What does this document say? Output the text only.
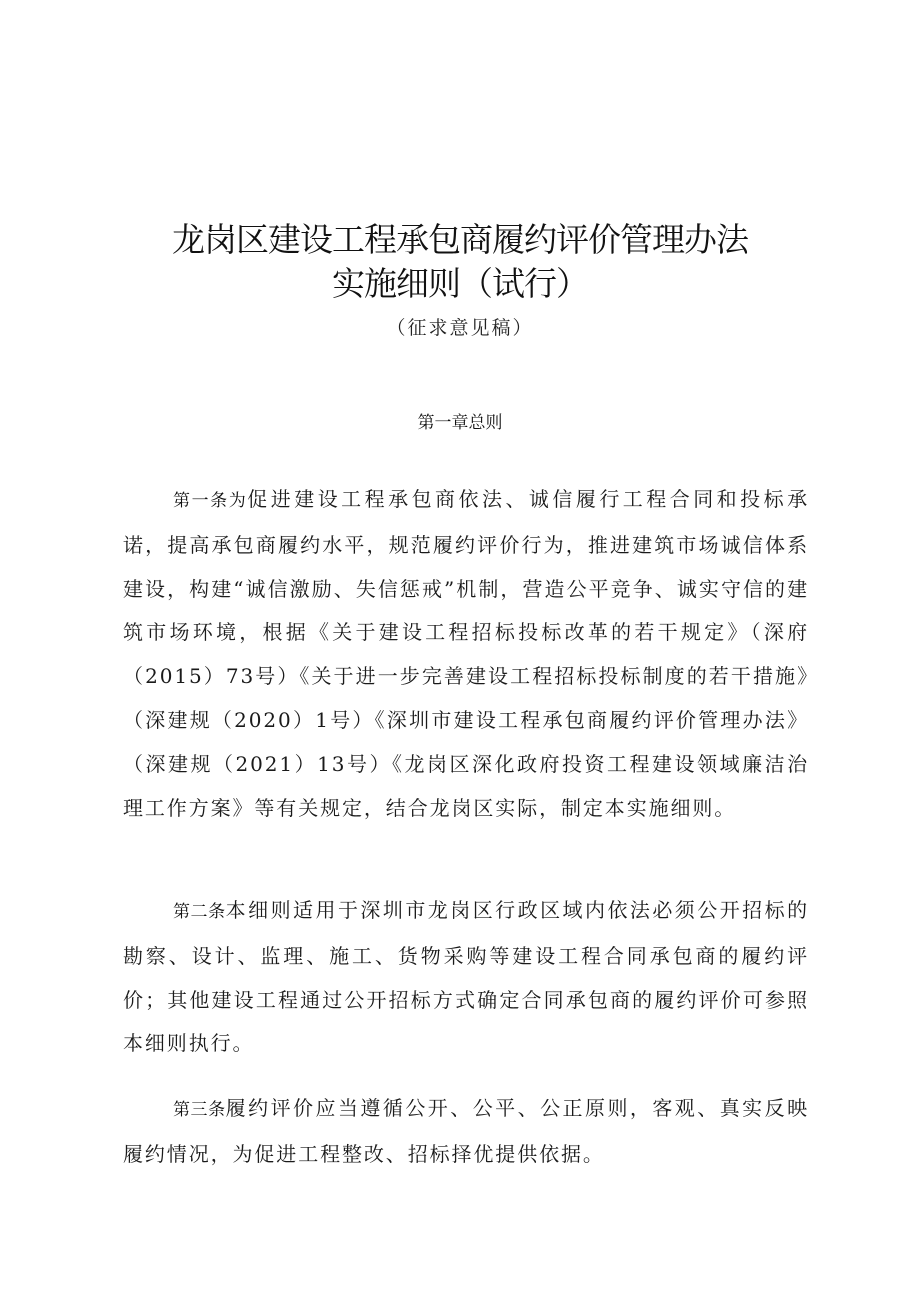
龙岗区建设工程承包商履约评价管理办法
实施细则（试行）
（征求意见稿）
第一章总则

第一条为促进建设工程承包商依法、诚信履行工程合同和投标承诺，提高承包商履约水平，规范履约评价行为，推进建筑市场诚信体系建设，构建“诚信激励、失信惩戒”机制，营造公平竞争、诚实守信的建筑市场环境，根据《关于建设工程招标投标改革的若干规定》（深府（2015）73号）《关于进一步完善建设工程招标投标制度的若干措施》（深建规（2020）1号）《深圳市建设工程承包商履约评价管理办法》（深建规（2021）13号）《龙岗区深化政府投资工程建设领域廉洁治理工作方案》等有关规定，结合龙岗区实际，制定本实施细则。

第二条本细则适用于深圳市龙岗区行政区域内依法必须公开招标的勘察、设计、监理、施工、货物采购等建设工程合同承包商的履约评价；其他建设工程通过公开招标方式确定合同承包商的履约评价可参照本细则执行。

第三条履约评价应当遵循公开、公平、公正原则，客观、真实反映履约情况，为促进工程整改、招标择优提供依据。
